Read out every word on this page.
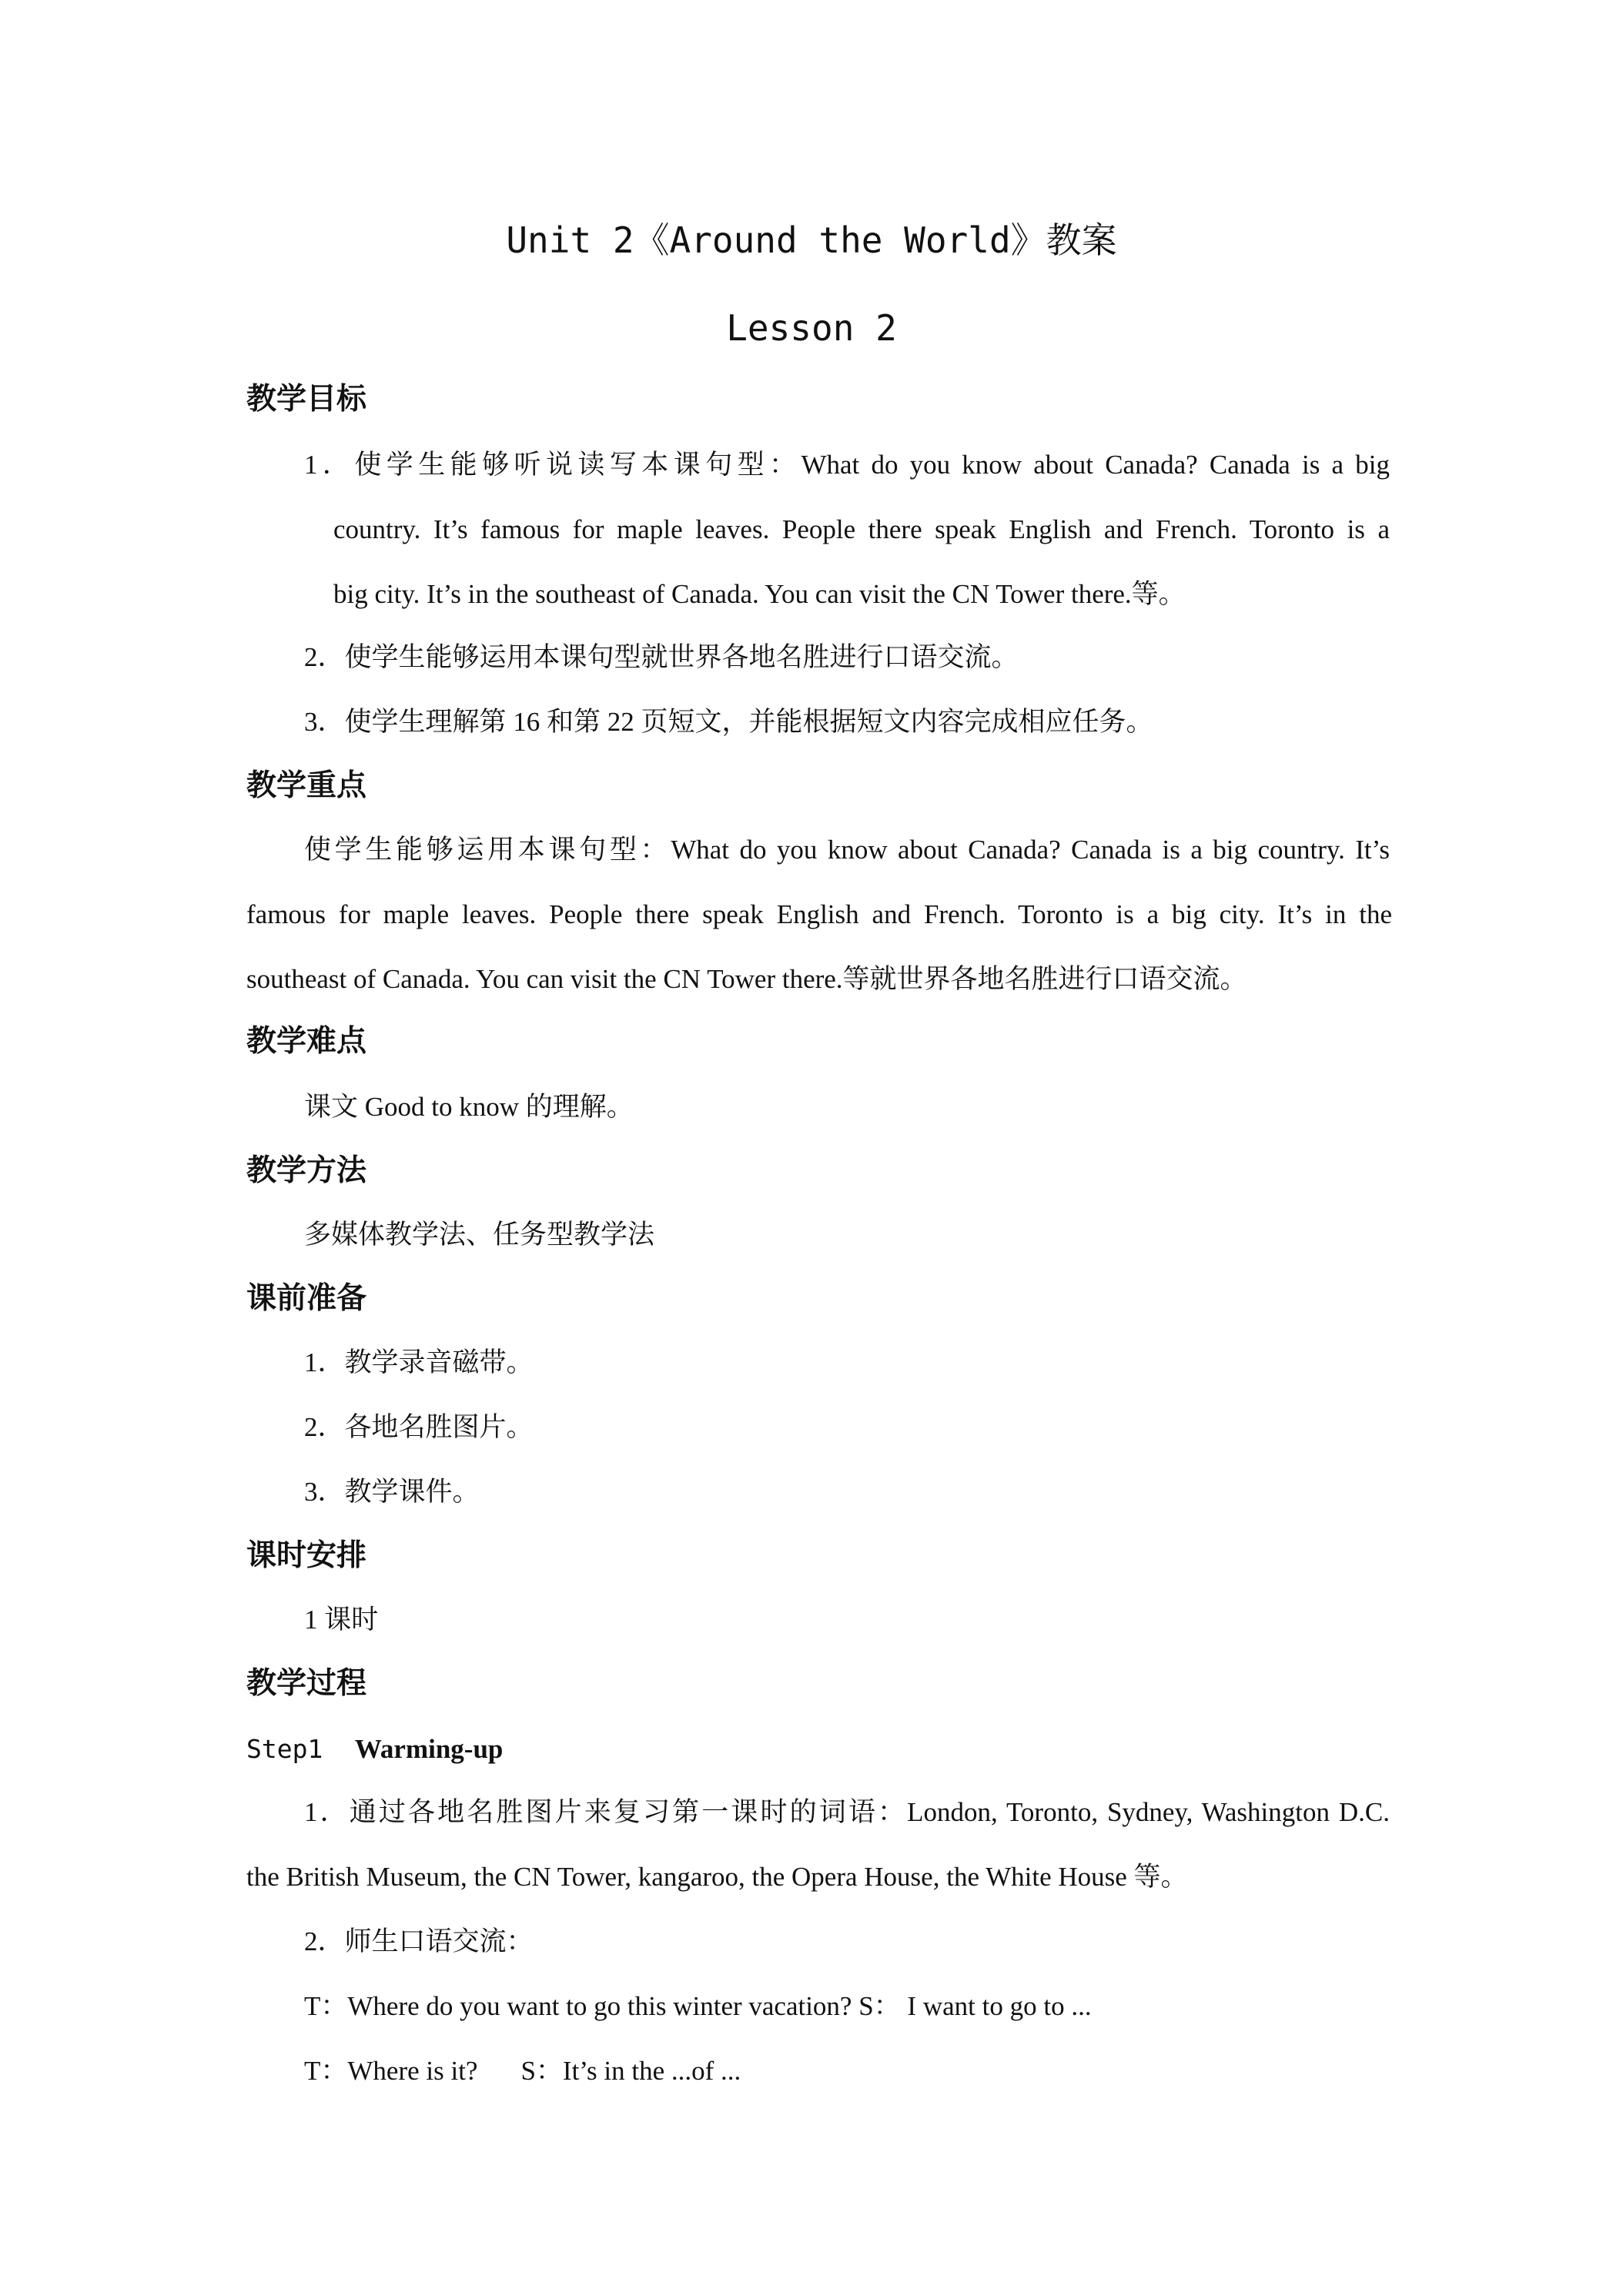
Unit 2《Around the World》教案
Lesson 2
教学目标

1．使学生能够听说读写本课句型：What do you know about Canada? Canada is a big

country. It’s famous for maple leaves. People there speak English and French. Toronto is a

big city. It’s in the southeast of Canada. You can visit the CN Tower there.等。

2．使学生能够运用本课句型就世界各地名胜进行口语交流。

3．使学生理解第 16 和第 22 页短文，并能根据短文内容完成相应任务。

教学重点

使学生能够运用本课句型：What do you know about Canada? Canada is a big country. It’s

famous for maple leaves. People there speak English and French. Toronto is a big city. It’s in the

southeast of Canada. You can visit the CN Tower there.等就世界各地名胜进行口语交流。

教学难点

课文 Good to know 的理解。

教学方法

多媒体教学法、任务型教学法

课前准备

1．教学录音磁带。

2．各地名胜图片。

3．教学课件。

课时安排

1 课时

教学过程

Step1 Warming-up

1．通过各地名胜图片来复习第一课时的词语：London, Toronto, Sydney, Washington D.C.

the British Museum, the CN Tower, kangaroo, the Opera House, the White House 等。

2．师生口语交流：

T：Where do you want to go this winter vacation? S： I want to go to ...

T：Where is it? S：It’s in the ...of ...
